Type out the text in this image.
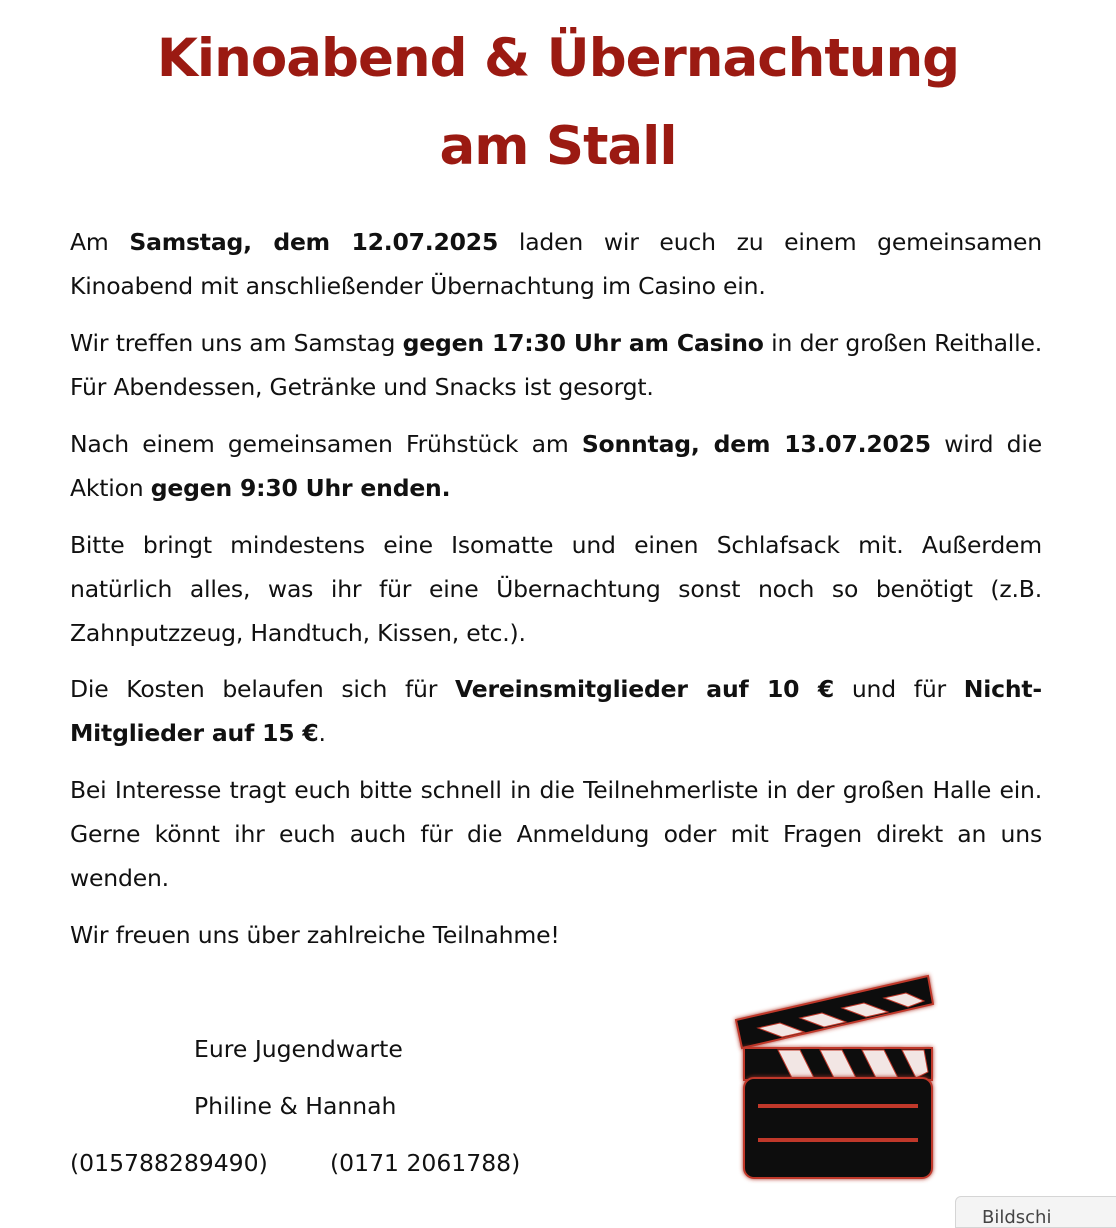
Kinoabend & Übernachtung
am Stall

Am Samstag, dem 12.07.2025 laden wir euch zu einem gemeinsamen Kinoabend mit anschließender Übernachtung im Casino ein.

Wir treffen uns am Samstag gegen 17:30 Uhr am Casino in der großen Reithalle. Für Abendessen, Getränke und Snacks ist gesorgt.

Nach einem gemeinsamen Frühstück am Sonntag, dem 13.07.2025 wird die Aktion gegen 9:30 Uhr enden.

Bitte bringt mindestens eine Isomatte und einen Schlafsack mit. Außerdem natürlich alles, was ihr für eine Übernachtung sonst noch so benötigt (z.B. Zahnputzzeug, Handtuch, Kissen, etc.).

Die Kosten belaufen sich für Vereinsmitglieder auf 10 € und für Nicht-Mitglieder auf 15 €.

Bei Interesse tragt euch bitte schnell in die Teilnehmerliste in der großen Halle ein. Gerne könnt ihr euch auch für die Anmeldung oder mit Fragen direkt an uns wenden.

Wir freuen uns über zahlreiche Teilnahme!

Eure Jugendwarte

Philine & Hannah

(015788289490)	(0171 2061788)

Bildschi
